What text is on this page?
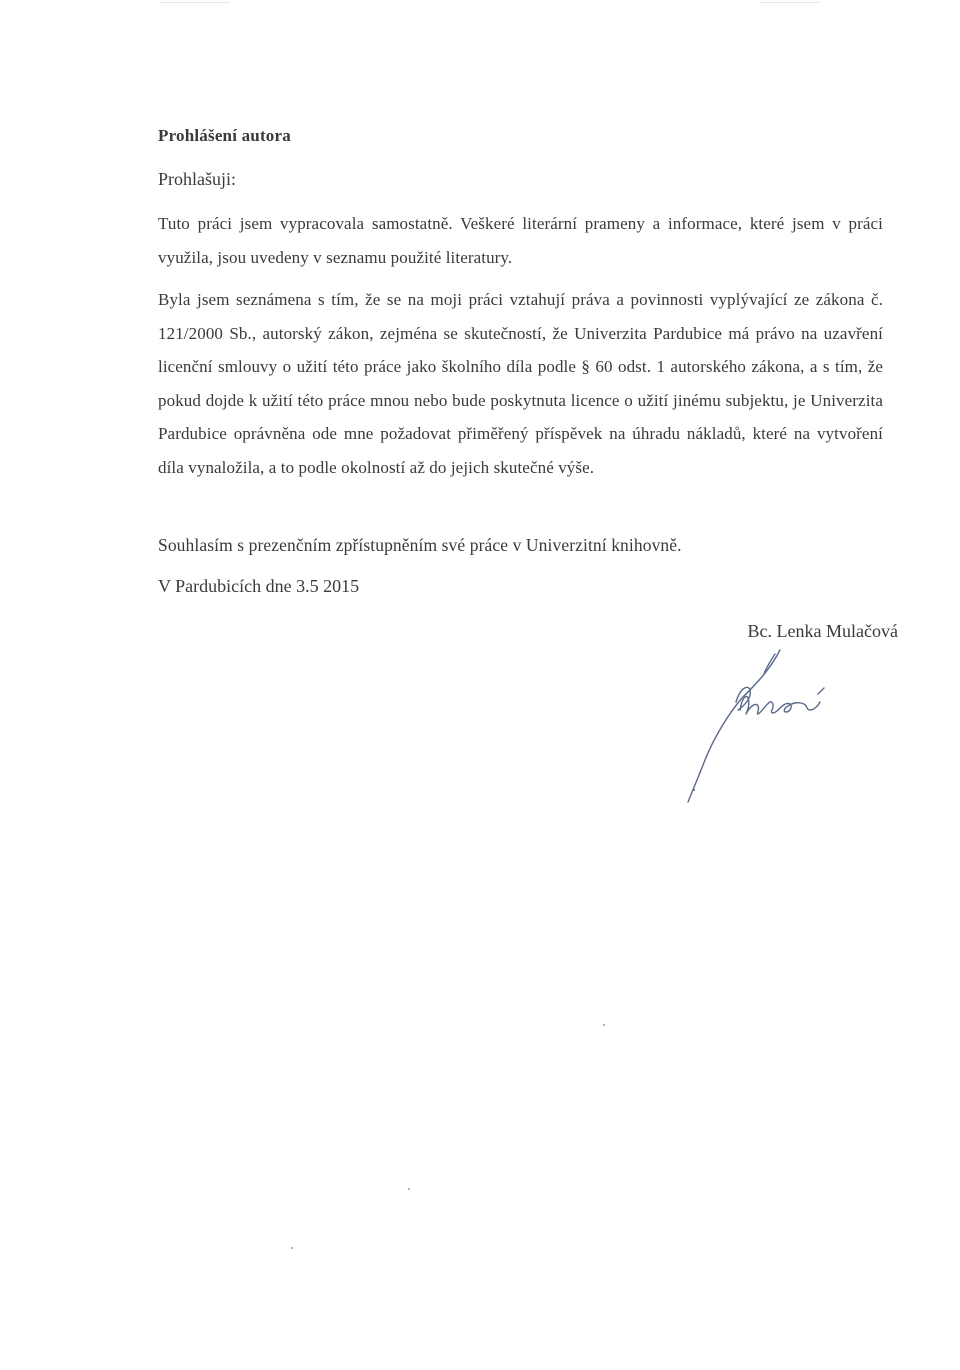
Prohlášení autora
Prohlašuji:
Tuto práci jsem vypracovala samostatně. Veškeré literární prameny a informace, které jsem v práci využila, jsou uvedeny v seznamu použité literatury.
Byla jsem seznámena s tím, že se na moji práci vztahují práva a povinnosti vyplývající ze zákona č. 121/2000 Sb., autorský zákon, zejména se skutečností, že Univerzita Pardubice má právo na uzavření licenční smlouvy o užití této práce jako školního díla podle § 60 odst. 1 autorského zákona, a s tím, že pokud dojde k užití této práce mnou nebo bude poskytnuta licence o užití jinému subjektu, je Univerzita Pardubice oprávněna ode mne požadovat přiměřený příspěvek na úhradu nákladů, které na vytvoření díla vynaložila, a to podle okolností až do jejich skutečné výše.
Souhlasím s prezenčním zpřístupněním své práce v Univerzitní knihovně.
V Pardubicích dne 3.5 2015
Bc. Lenka Mulačová
